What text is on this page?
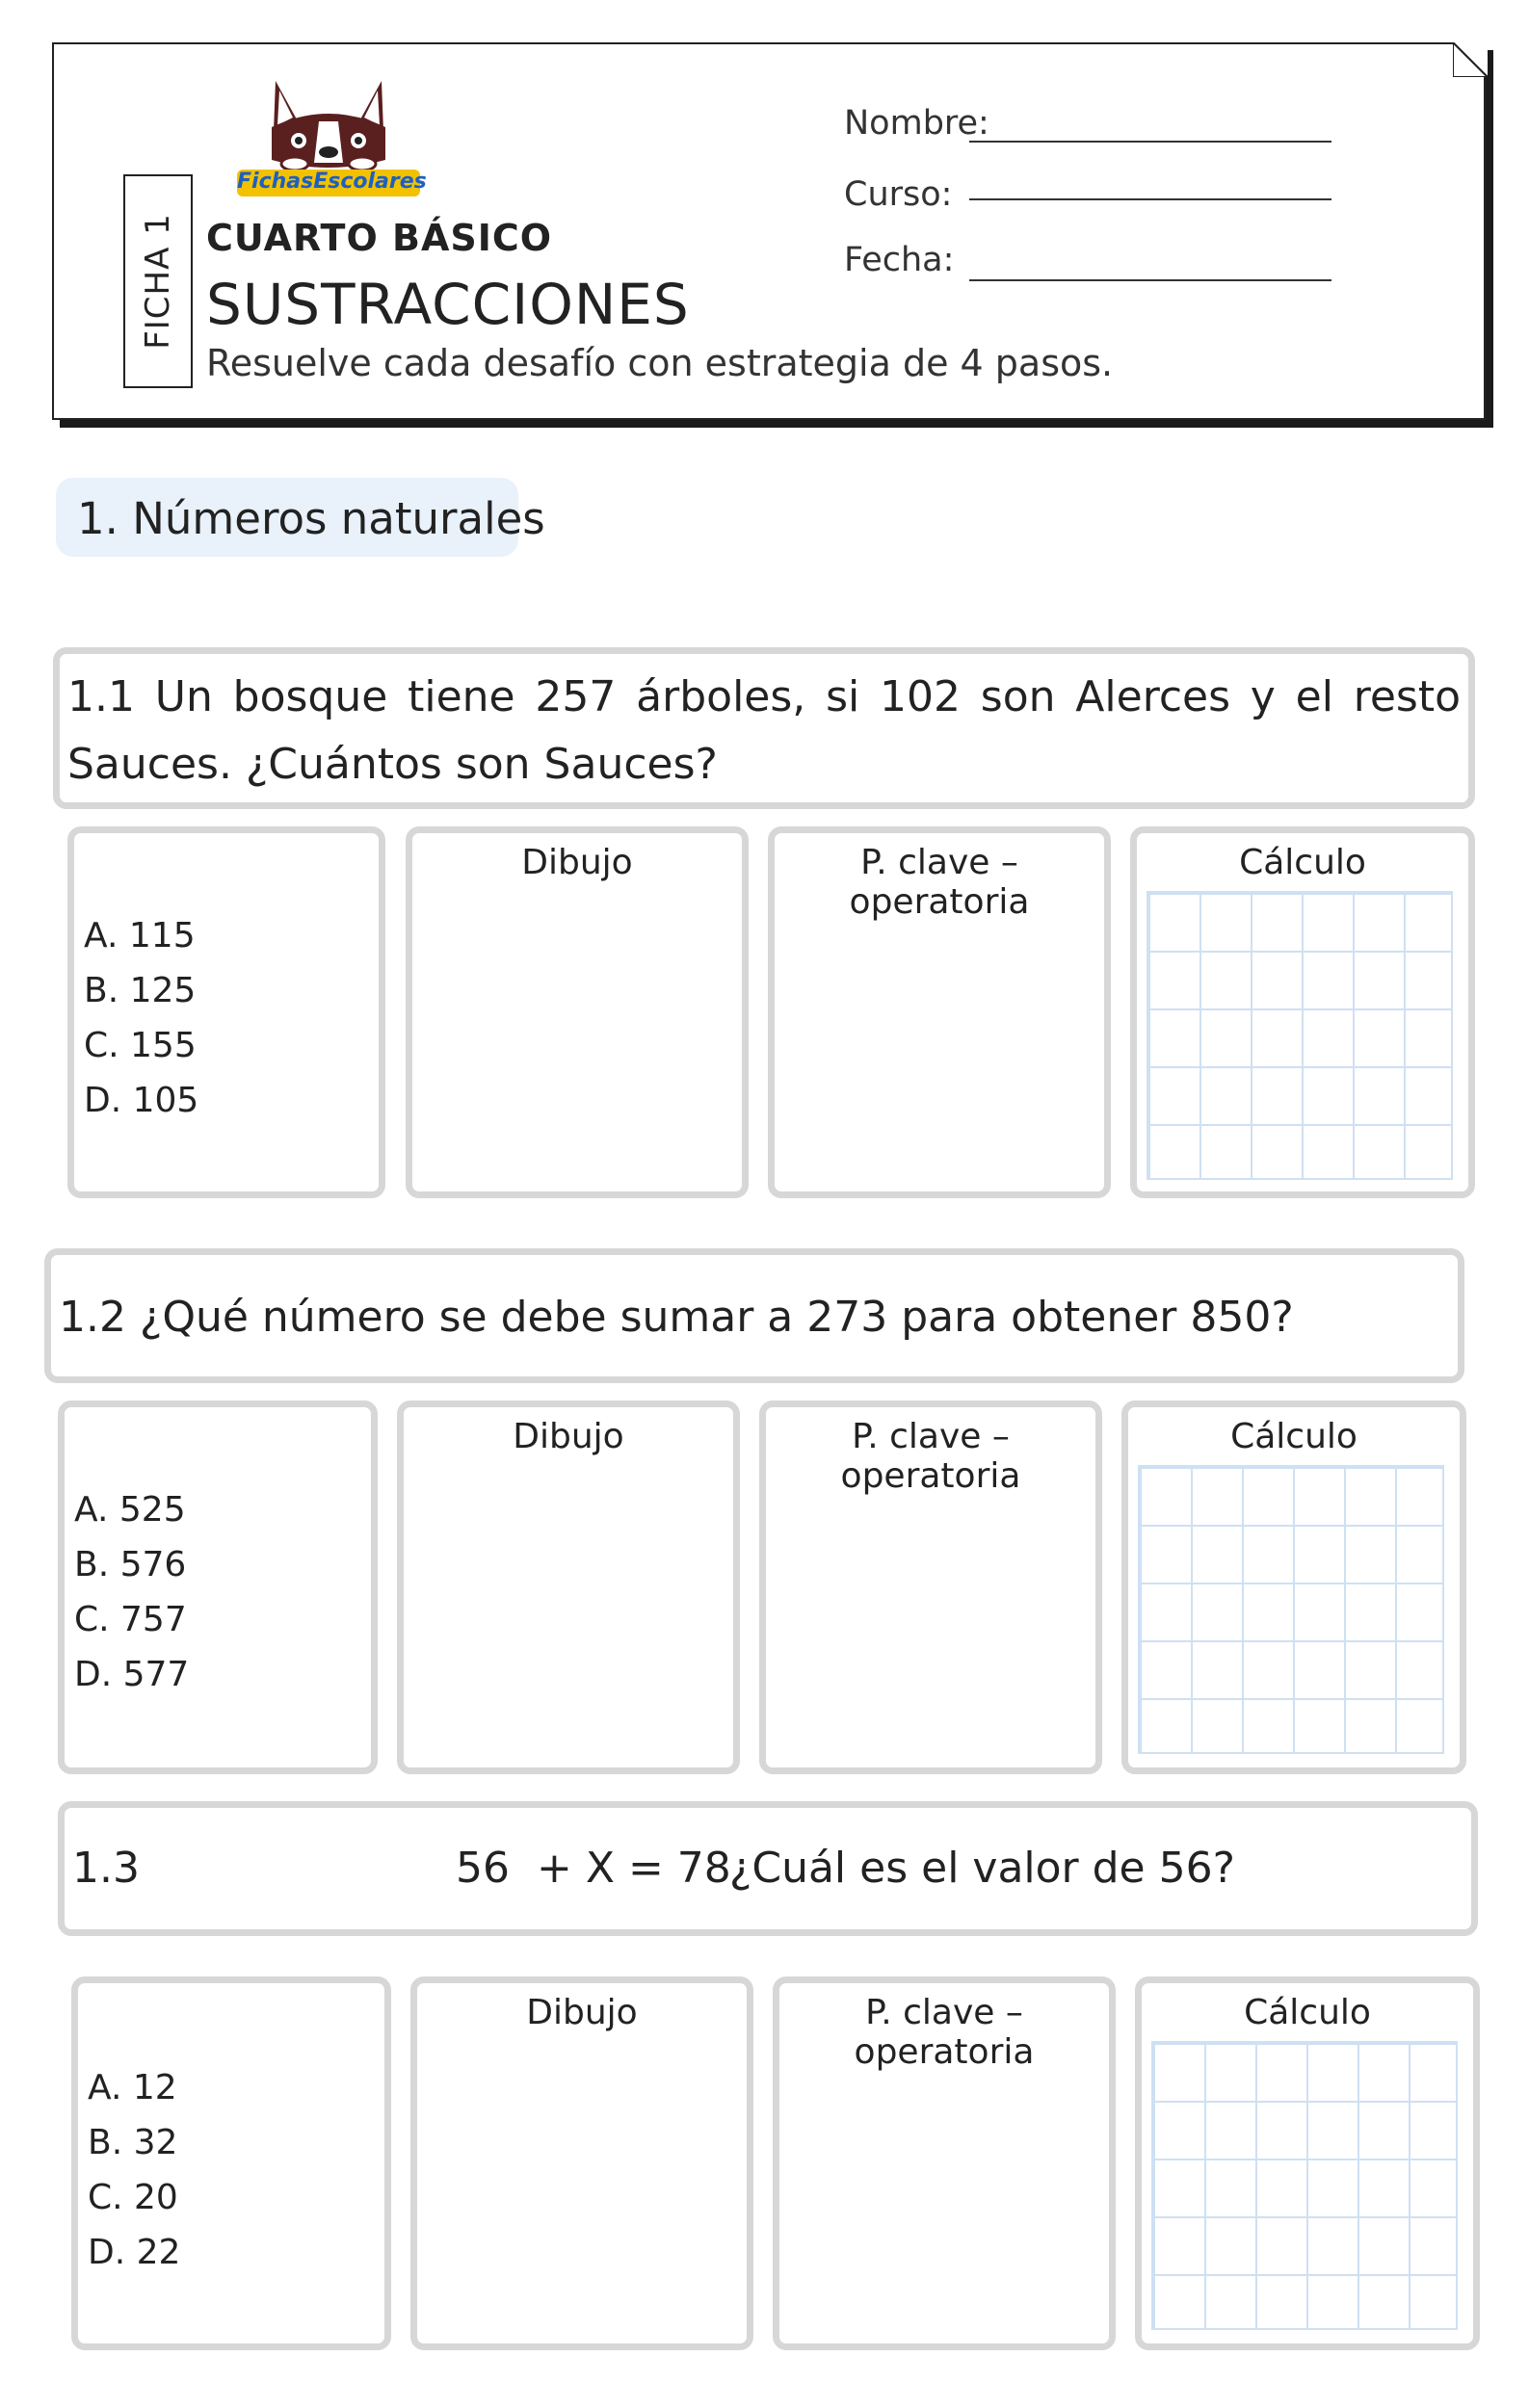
FICHA 1
FichasEscolares
CUARTO BÁSICO
SUSTRACCIONES
Resuelve cada desafío con estrategia de 4 pasos.
Nombre:
Curso:
Fecha:
1. Números naturales
1.1 Un bosque tiene 257 árboles, si 102 son Alerces y el resto Sauces. ¿Cuántos son Sauces?
A. 115
B. 125
C. 155
D. 105
Dibujo	P. clave – operatoria
Cálculo
1.2 ¿Qué número se debe sumar a 273 para obtener 850?
A. 525
B. 576
C. 757
D. 577
Dibujo	P. clave – operatoria
Cálculo
1.3	56  + X = 78
¿Cuál es el valor de 56?
A. 12
B. 32
C. 20
D. 22
Dibujo	P. clave – operatoria
Cálculo
